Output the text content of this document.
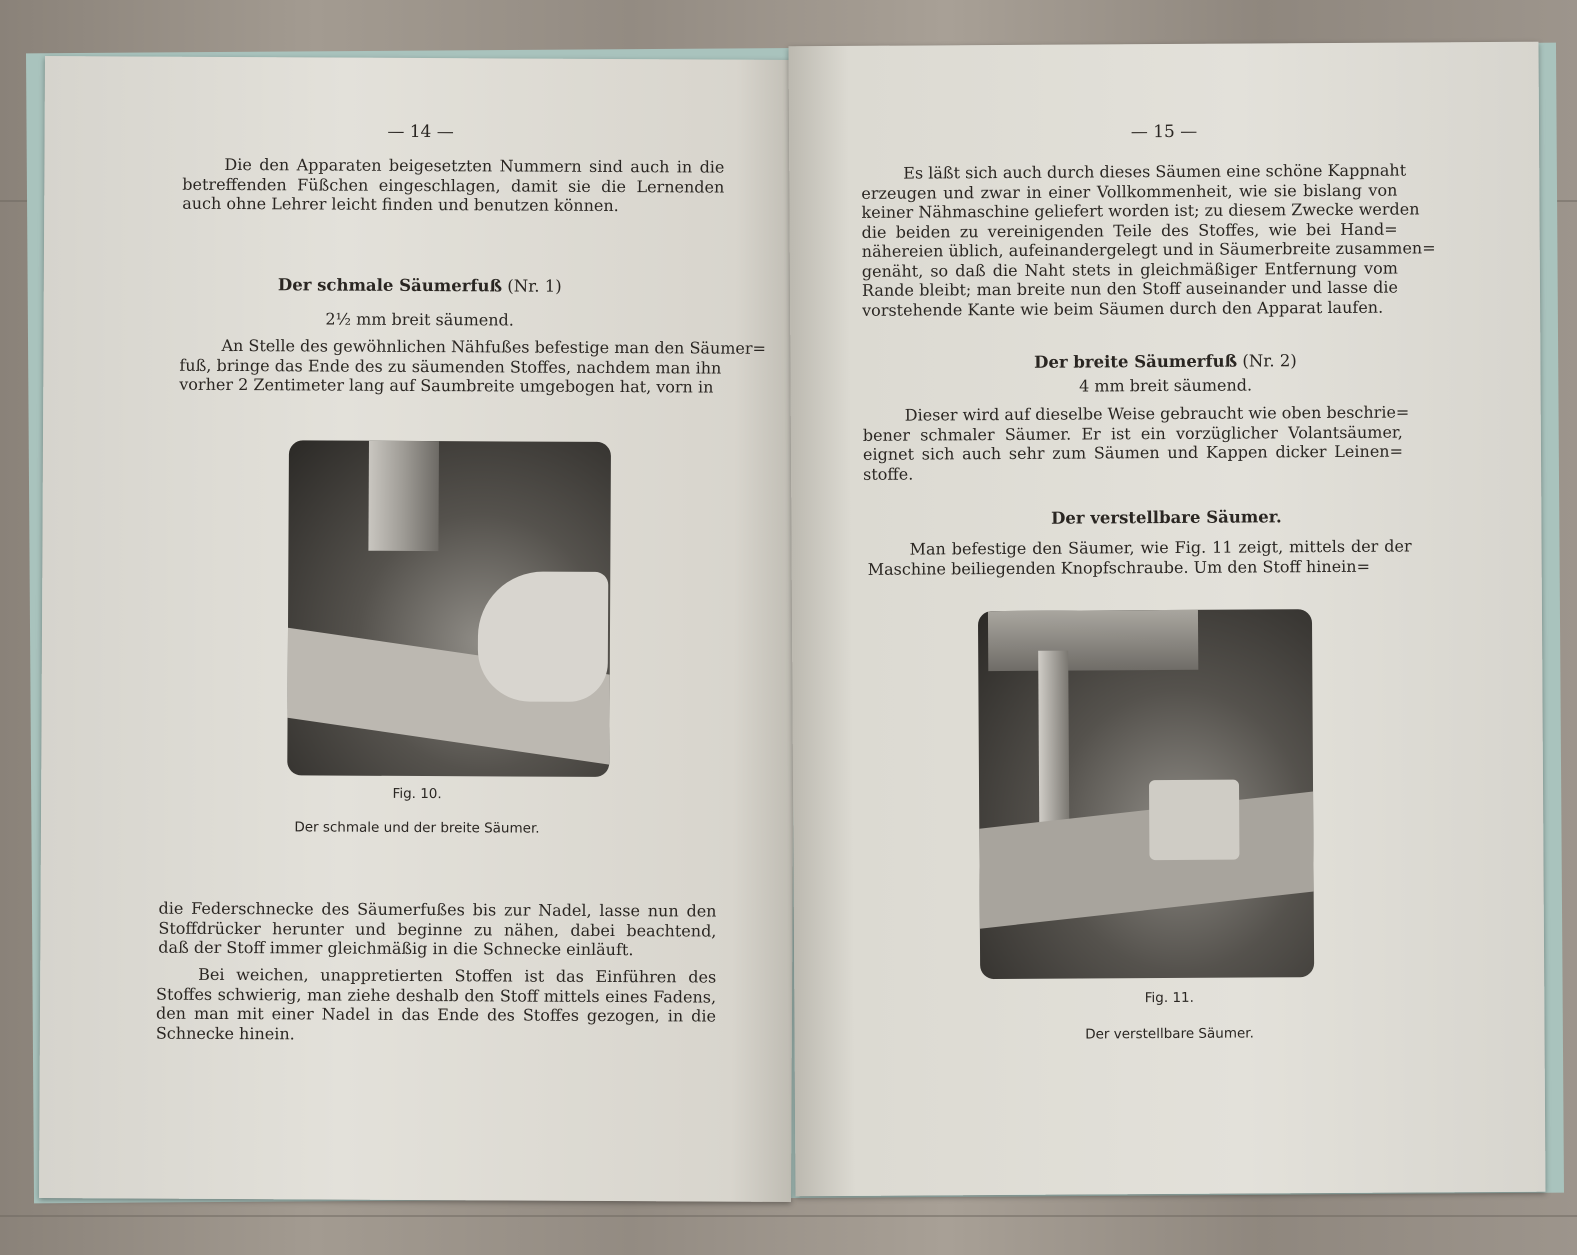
— 14 —
Die den Apparaten beigesetzten Nummern sind auch in die
betreffenden Füßchen eingeschlagen, damit sie die Lernenden
auch ohne Lehrer leicht finden und benutzen können.
Der schmale Säumerfuß (Nr. 1)
2½ mm breit säumend.
An Stelle des gewöhnlichen Nähfußes befestige man den Säumer=
fuß, bringe das Ende des zu säumenden Stoffes, nachdem man ihn
vorher 2 Zentimeter lang auf Saumbreite umgebogen hat, vorn in
Fig. 10.
Der schmale und der breite Säumer.
die Federschnecke des Säumerfußes bis zur Nadel, lasse nun den
Stoffdrücker herunter und beginne zu nähen, dabei beachtend,
daß der Stoff immer gleichmäßig in die Schnecke einläuft.
Bei weichen, unappretierten Stoffen ist das Einführen des
Stoffes schwierig, man ziehe deshalb den Stoff mittels eines Fadens,
den man mit einer Nadel in das Ende des Stoffes gezogen, in die
Schnecke hinein.
— 15 —
Es läßt sich auch durch dieses Säumen eine schöne Kappnaht
erzeugen und zwar in einer Vollkommenheit, wie sie bislang von
keiner Nähmaschine geliefert worden ist; zu diesem Zwecke werden
die beiden zu vereinigenden Teile des Stoffes, wie bei Hand=
nähereien üblich, aufeinandergelegt und in Säumerbreite zusammen=
genäht, so daß die Naht stets in gleichmäßiger Entfernung vom
Rande bleibt; man breite nun den Stoff auseinander und lasse die
vorstehende Kante wie beim Säumen durch den Apparat laufen.
Der breite Säumerfuß (Nr. 2)
4 mm breit säumend.
Dieser wird auf dieselbe Weise gebraucht wie oben beschrie=
bener schmaler Säumer. Er ist ein vorzüglicher Volantsäumer,
eignet sich auch sehr zum Säumen und Kappen dicker Leinen=
stoffe.
Der verstellbare Säumer.
Man befestige den Säumer, wie Fig. 11 zeigt, mittels der der
Maschine beiliegenden Knopfschraube. Um den Stoff hinein=
Fig. 11.
Der verstellbare Säumer.
